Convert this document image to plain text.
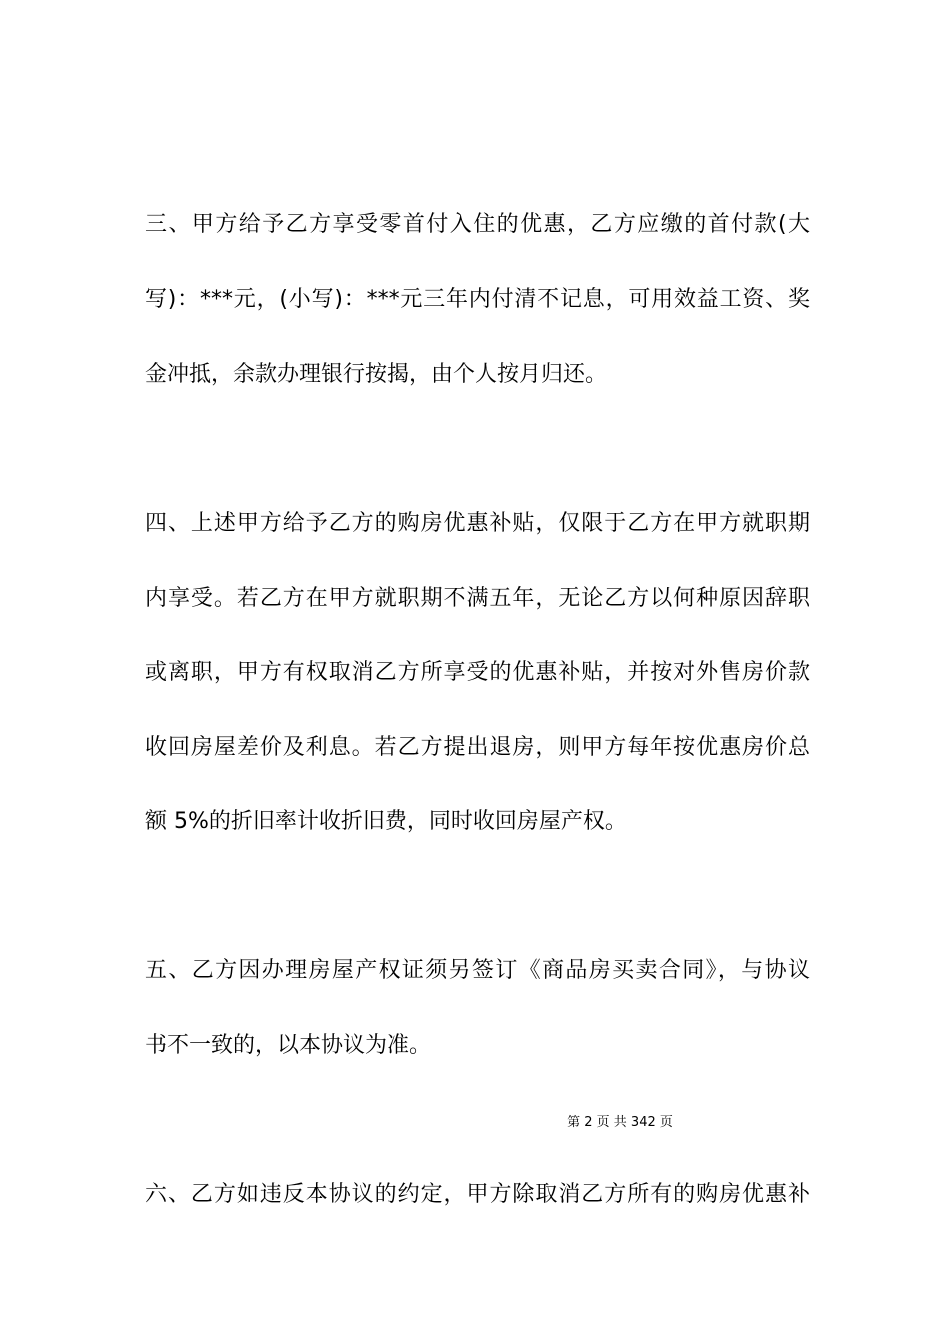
三、甲方给予乙方享受零首付入住的优惠，乙方应缴的首付款(大
写)：***元，(小写)：***元三年内付清不记息，可用效益工资、奖
金冲抵，余款办理银行按揭，由个人按月归还。
四、上述甲方给予乙方的购房优惠补贴，仅限于乙方在甲方就职期
内享受。若乙方在甲方就职期不满五年，无论乙方以何种原因辞职
或离职，甲方有权取消乙方所享受的优惠补贴，并按对外售房价款
收回房屋差价及利息。若乙方提出退房，则甲方每年按优惠房价总
额 5%的折旧率计收折旧费，同时收回房屋产权。
五、乙方因办理房屋产权证须另签订《商品房买卖合同》，与协议
书不一致的，以本协议为准。
第 2 页 共 342 页
六、乙方如违反本协议的约定，甲方除取消乙方所有的购房优惠补
